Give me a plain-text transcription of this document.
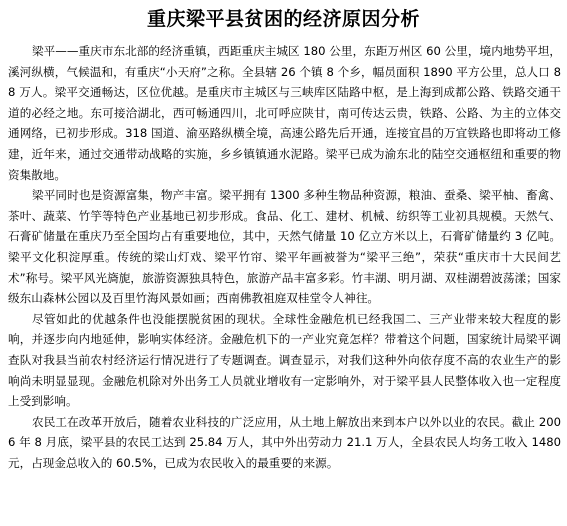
重庆梁平县贫困的经济原因分析

梁平——重庆市东北部的经济重镇，西距重庆主城区 180 公里，东距万州区 60 公里，境内地势平坦，溪河纵横，气候温和，有重庆“小天府”之称。全县辖 26 个镇 8 个乡，幅员面积 1890 平方公里，总人口 88 万人。梁平交通畅达，区位优越。是重庆市主城区与三峡库区陆路中枢，是上海到成都公路、铁路交通干道的必经之地。东可接洽湖北，西可畅通四川，北可呼应陕甘，南可传达云贵，铁路、公路、为主的立体交通网络，已初步形成。318 国道、渝巫路纵横全境，高速公路先后开通，连接宜昌的万宜铁路也即将动工修建，近年来，通过交通带动战略的实施，乡乡镇镇通水泥路。梁平已成为渝东北的陆空交通枢纽和重要的物资集散地。

梁平同时也是资源富集，物产丰富。梁平拥有 1300 多种生物品种资源，粮油、蚕桑、梁平柚、畜禽、茶叶、蔬菜、竹竽等特色产业基地已初步形成。食品、化工、建材、机械、纺织等工业初具规模。天然气、石膏矿储量在重庆乃至全国均占有重要地位，其中，天然气储量 10 亿立方米以上，石膏矿储量约 3 亿吨。梁平文化积淀厚重。传统的梁山灯戏、梁平竹帘、梁平年画被誉为“梁平三绝”，荣获“重庆市十大民间艺术”称号。梁平风光旖旎，旅游资源独具特色，旅游产品丰富多彩。竹丰湖、明月湖、双桂湖碧波荡漾；国家级东山森林公园以及百里竹海风景如画；西南佛教祖庭双桂堂令人神往。

尽管如此的优越条件也没能摆脱贫困的现状。全球性金融危机已经我国二、三产业带来较大程度的影响，并逐步向内地延伸，影响实体经济。金融危机下的一产业究竟怎样？带着这个问题，国家统计局梁平调查队对我县当前农村经济运行情况进行了专题调查。调查显示，对我们这种外向依存度不高的农业生产的影响尚未明显显现。金融危机除对外出务工人员就业增收有一定影响外，对于梁平县人民整体收入也一定程度上受到影响。

农民工在改革开放后，随着农业科技的广泛应用，从土地上解放出来到本户以外以业的农民。截止 2006 年 8 月底，梁平县的农民工达到 25.84 万人，其中外出劳动力 21.1 万人，全县农民人均务工收入 1480 元，占现金总收入的 60.5%，已成为农民收入的最重要的来源。
